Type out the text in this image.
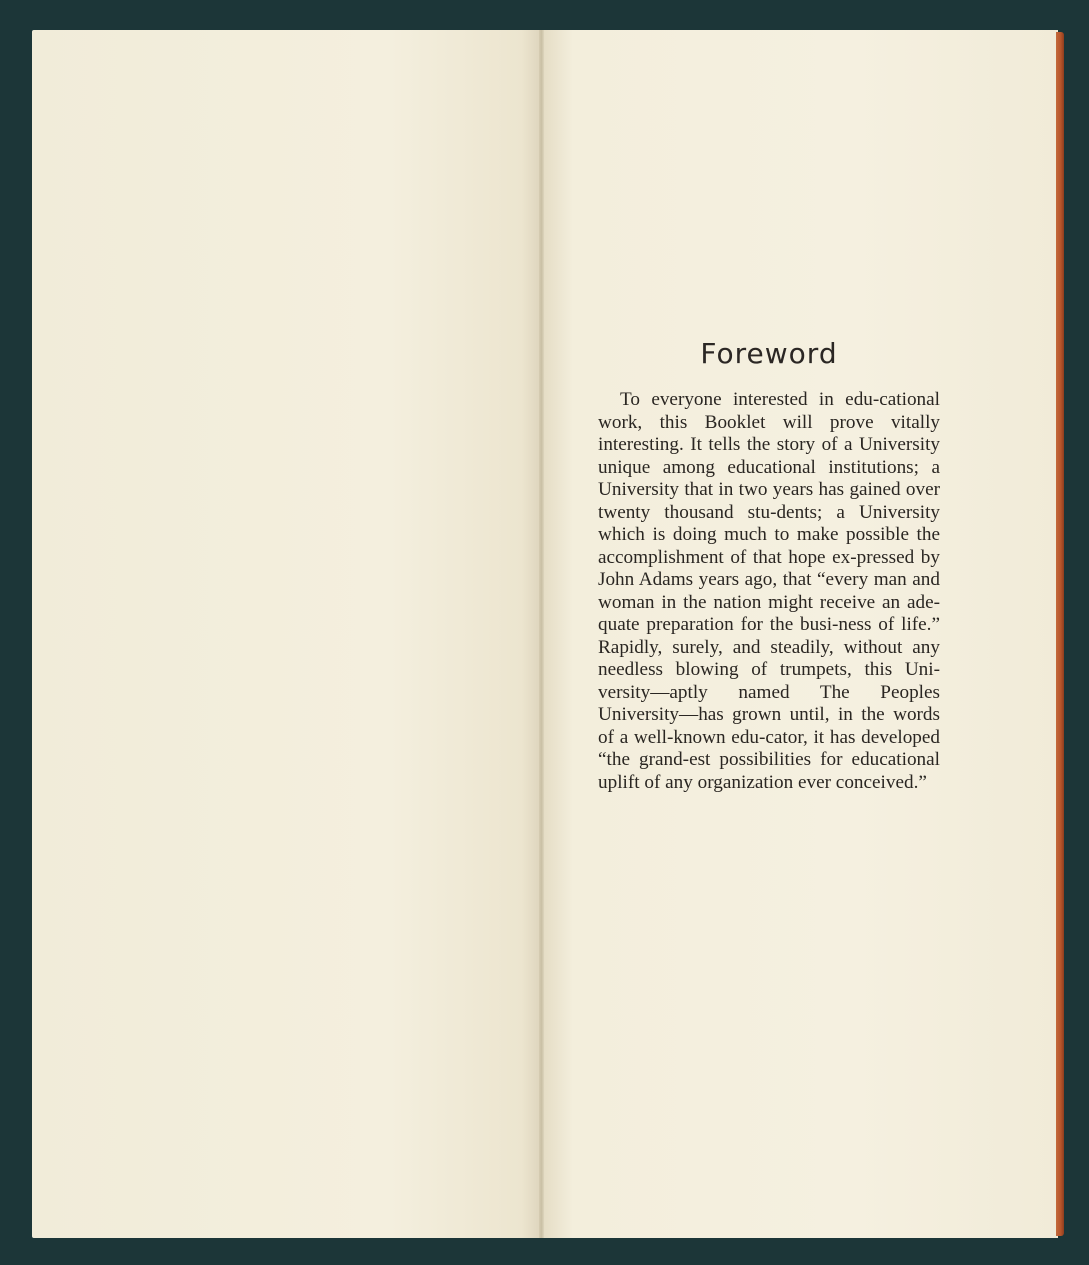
Foreword

To everyone interested in edu-cational work, this Booklet will prove vitally interesting. It tells the story of a University unique among educational institutions; a University that in two years has gained over twenty thousand stu-dents; a University which is doing much to make possible the accomplishment of that hope ex-pressed by John Adams years ago, that “every man and woman in the nation might receive an ade-quate preparation for the busi-ness of life.” Rapidly, surely, and steadily, without any needless blowing of trumpets, this Uni-versity—aptly named The Peoples University—has grown until, in the words of a well-known edu-cator, it has developed “the grand-est possibilities for educational uplift of any organization ever conceived.”
